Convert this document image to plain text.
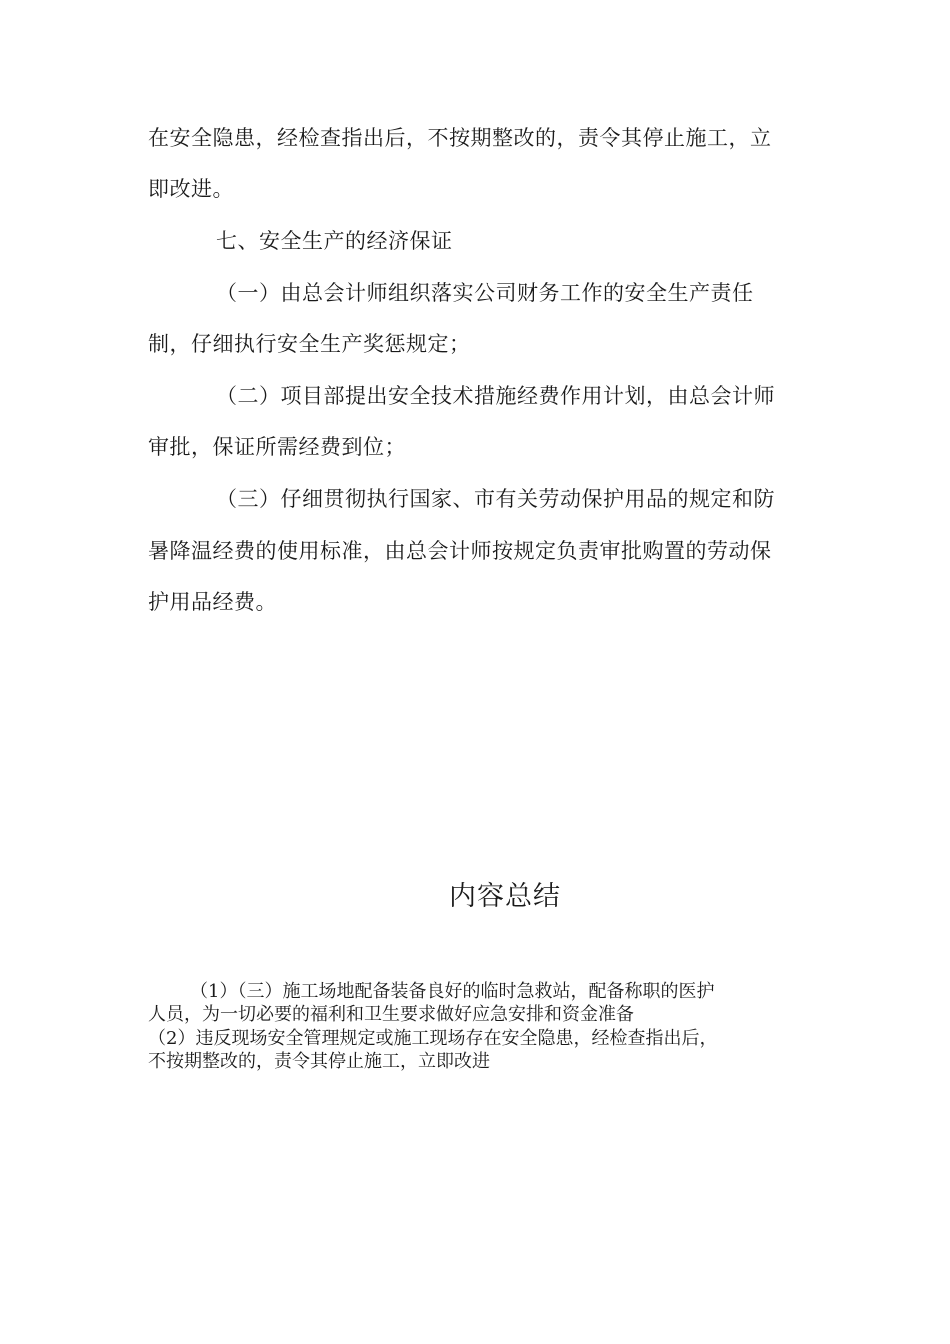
在安全隐患，经检查指出后，不按期整改的，责令其停止施工，立
即改进。
七、安全生产的经济保证
（一）由总会计师组织落实公司财务工作的安全生产责任
制，仔细执行安全生产奖惩规定；
（二）项目部提出安全技术措施经费作用计划，由总会计师
审批，保证所需经费到位；
（三）仔细贯彻执行国家、市有关劳动保护用品的规定和防
暑降温经费的使用标准，由总会计师按规定负责审批购置的劳动保
护用品经费。
内容总结
（1）（三）施工场地配备装备良好的临时急救站，配备称职的医护
人员，为一切必要的福利和卫生要求做好应急安排和资金准备
（2）违反现场安全管理规定或施工现场存在安全隐患，经检查指出后，
不按期整改的，责令其停止施工，立即改进
